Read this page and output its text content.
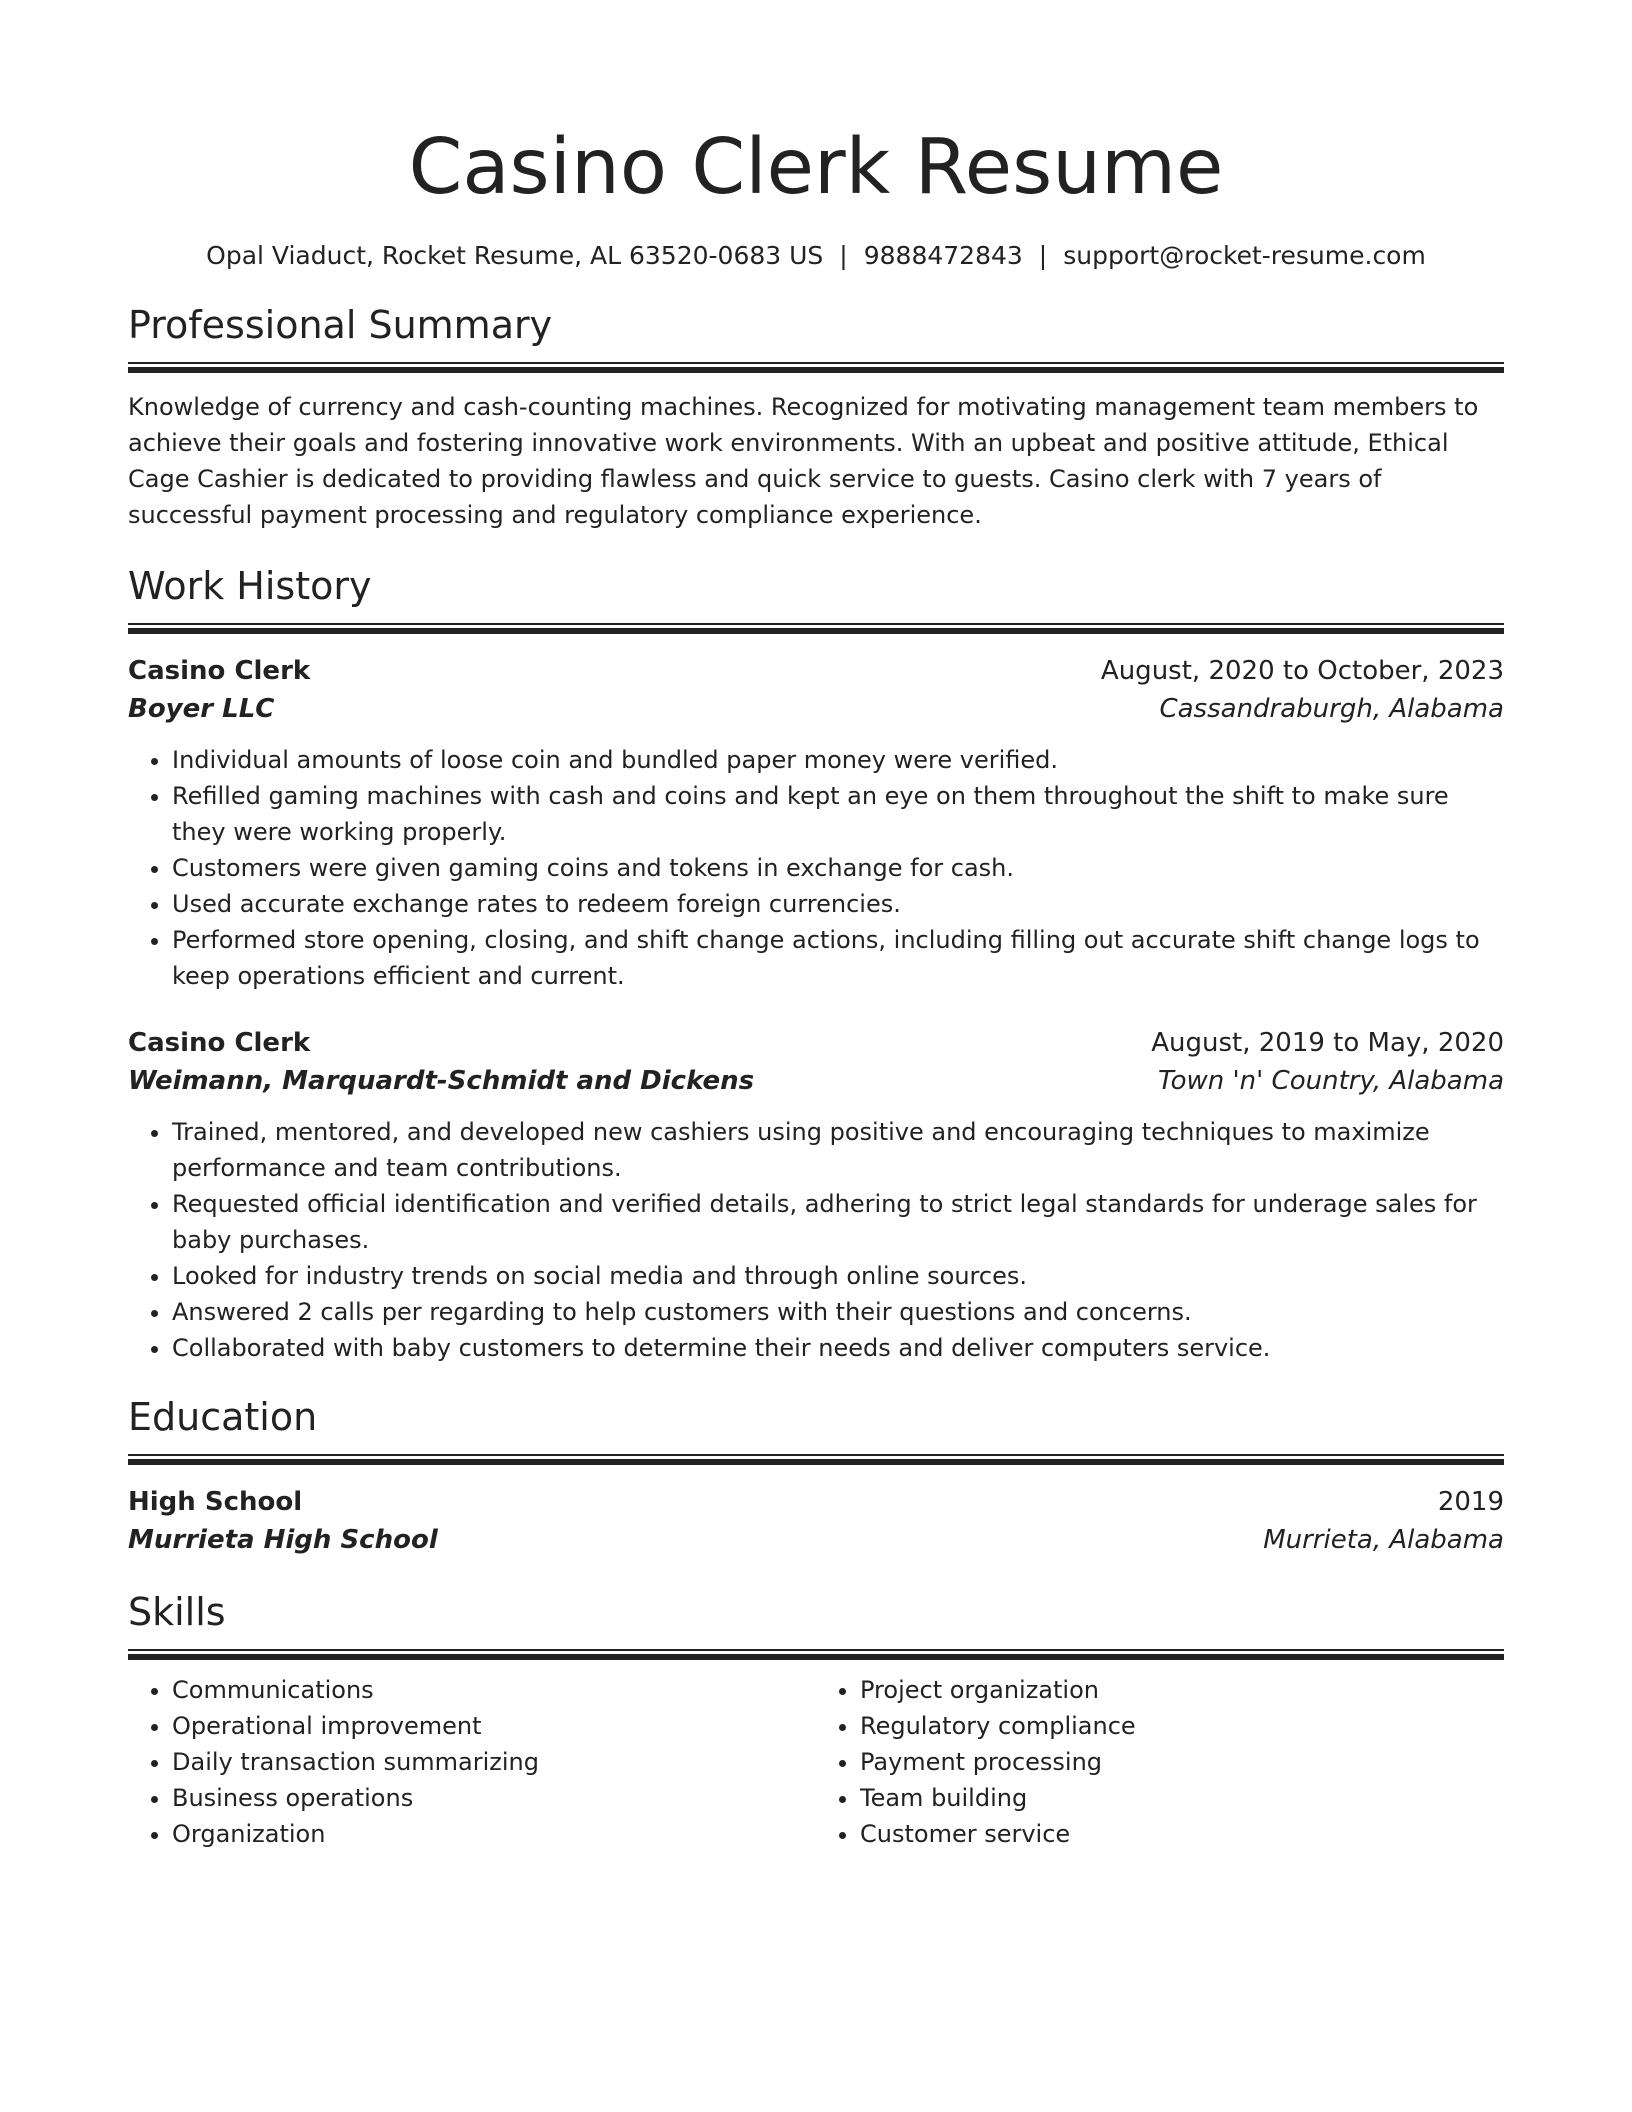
Casino Clerk Resume
Opal Viaduct, Rocket Resume, AL 63520-0683 US | 9888472843 | support@rocket-resume.com
Professional Summary
Knowledge of currency and cash-counting machines. Recognized for motivating management team members to achieve their goals and fostering innovative work environments. With an upbeat and positive attitude, Ethical Cage Cashier is dedicated to providing flawless and quick service to guests. Casino clerk with 7 years of successful payment processing and regulatory compliance experience.
Work History
Casino Clerk	August, 2020 to October, 2023
Boyer LLC	Cassandraburgh, Alabama
• Individual amounts of loose coin and bundled paper money were verified.
• Refilled gaming machines with cash and coins and kept an eye on them throughout the shift to make sure they were working properly.
• Customers were given gaming coins and tokens in exchange for cash.
• Used accurate exchange rates to redeem foreign currencies.
• Performed store opening, closing, and shift change actions, including filling out accurate shift change logs to keep operations efficient and current.
Casino Clerk	August, 2019 to May, 2020
Weimann, Marquardt-Schmidt and Dickens	Town 'n' Country, Alabama
• Trained, mentored, and developed new cashiers using positive and encouraging techniques to maximize performance and team contributions.
• Requested official identification and verified details, adhering to strict legal standards for underage sales for baby purchases.
• Looked for industry trends on social media and through online sources.
• Answered 2 calls per regarding to help customers with their questions and concerns.
• Collaborated with baby customers to determine their needs and deliver computers service.
Education
High School	2019
Murrieta High School	Murrieta, Alabama
Skills
• Communications
• Operational improvement
• Daily transaction summarizing
• Business operations
• Organization
• Project organization
• Regulatory compliance
• Payment processing
• Team building
• Customer service
